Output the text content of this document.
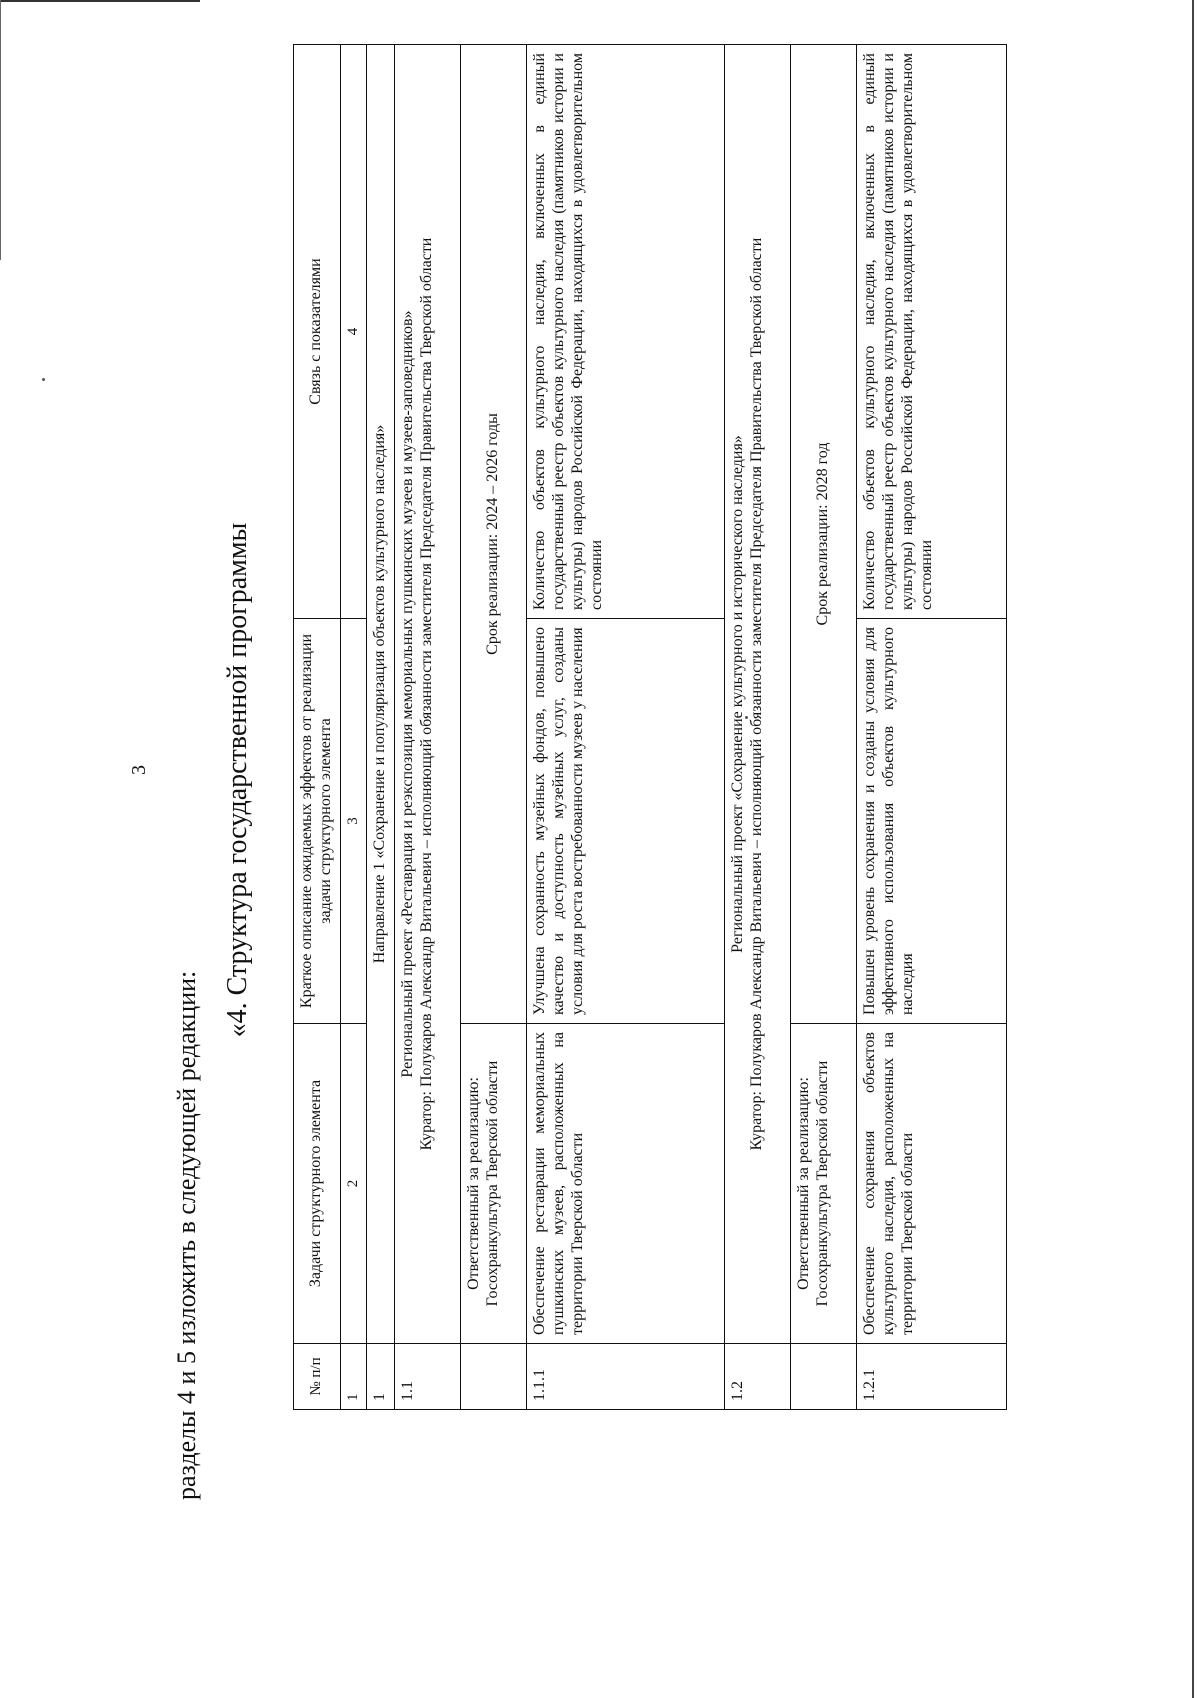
3
разделы 4 и 5 изложить в следующей редакции:
«4. Структура государственной программы
№ п/п	Задачи структурного элемента	Краткое описание ожидаемых эффектов от реализации задачи структурного элемента	Связь с показателями
1	2	3	4
1	Направление 1 «Сохранение и популяризация объектов культурного наследия»		
1.1	Региональный проект «Реставрация и реэкспозиция мемориальных пушкинских музеев и музеев-заповедников» Куратор: Полукаров Александр Витальевич – исполняющий обязанности заместителя Председателя Правительства Тверской области		

	Ответственный за реализацию: Госохранкультура Тверской области	Срок реализации: 2024 – 2026 годы	
1.1.1	Обеспечение реставрации мемориальных пушкинских музеев, расположенных на территории Тверской области	Улучшена сохранность музейных фондов, повышено качество и доступность музейных услуг, созданы условия для роста востребованности музеев у населения	Количество объектов культурного наследия, включенных в единый государственный реестр объектов культурного наследия (памятников истории и культуры) народов Российской Федерации, находящихся в удовлетворительном состоянии
1.2	Региональный проект «Сохранение культурного и исторического наследия» Куратор: Полукаров Александр Витальевич – исполняющий обязанности заместителя Председателя Правительства Тверской области		

	Ответственный за реализацию: Госохранкультура Тверской области	Срок реализации: 2028 год	
1.2.1	Обеспечение сохранения объектов культурного наследия, расположенных на территории Тверской области	Повышен уровень сохранения и созданы условия для эффективного использования объектов культурного наследия	Количество объектов культурного наследия, включенных в единый государственный реестр объектов культурного наследия (памятников истории и культуры) народов Российской Федерации, находящихся в удовлетворительном состоянии
